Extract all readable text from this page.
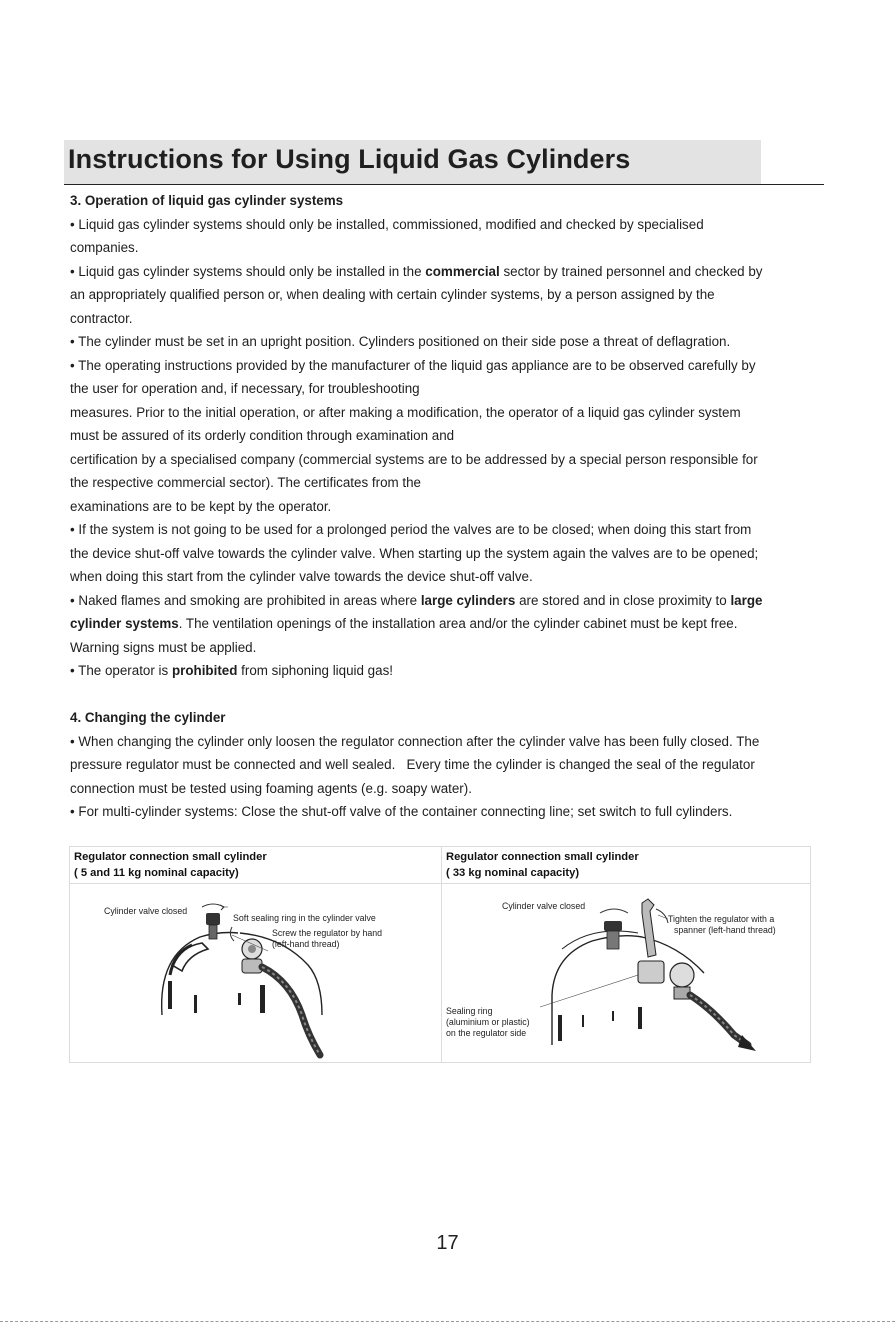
Instructions for Using Liquid Gas Cylinders

3. Operation of liquid gas cylinder systems

• Liquid gas cylinder systems should only be installed, commissioned, modified and checked by specialised

companies.

• Liquid gas cylinder systems should only be installed in the commercial sector by trained personnel and checked by

an appropriately qualified person or, when dealing with certain cylinder systems, by a person assigned by the

contractor.

• The cylinder must be set in an upright position. Cylinders positioned on their side pose a threat of deflagration.

• The operating instructions provided by the manufacturer of the liquid gas appliance are to be observed carefully by

the user for operation and, if necessary, for troubleshooting

measures. Prior to the initial operation, or after making a modification, the operator of a liquid gas cylinder system

must be assured of its orderly condition through examination and

certification by a specialised company (commercial systems are to be addressed by a special person responsible for

the respective commercial sector). The certificates from the

examinations are to be kept by the operator.

• If the system is not going to be used for a prolonged period the valves are to be closed; when doing this start from

the device shut-off valve towards the cylinder valve. When starting up the system again the valves are to be opened;

when doing this start from the cylinder valve towards the device shut-off valve.

• Naked flames and smoking are prohibited in areas where large cylinders are stored and in close proximity to large

cylinder systems. The ventilation openings of the installation area and/or the cylinder cabinet must be kept free.

Warning signs must be applied.

• The operator is prohibited from siphoning liquid gas!

4. Changing the cylinder

• When changing the cylinder only loosen the regulator connection after the cylinder valve has been fully closed. The

pressure regulator must be connected and well sealed.   Every time the cylinder is changed the seal of the regulator

connection must be tested using foaming agents (e.g. soapy water).

• For multi-cylinder systems: Close the shut-off valve of the container connecting line; set switch to full cylinders.

Regulator connection small cylinder
( 5 and 11 kg nominal capacity)
Cylinder valve closed
Soft sealing ring in the cylinder valve
Screw the regulator by hand
(left-hand thread)
Regulator connection small cylinder
( 33 kg nominal capacity)
Cylinder valve closed
Tighten the regulator with a
spanner (left-hand thread)
Sealing ring
(aluminium or plastic)
on the regulator side
17
